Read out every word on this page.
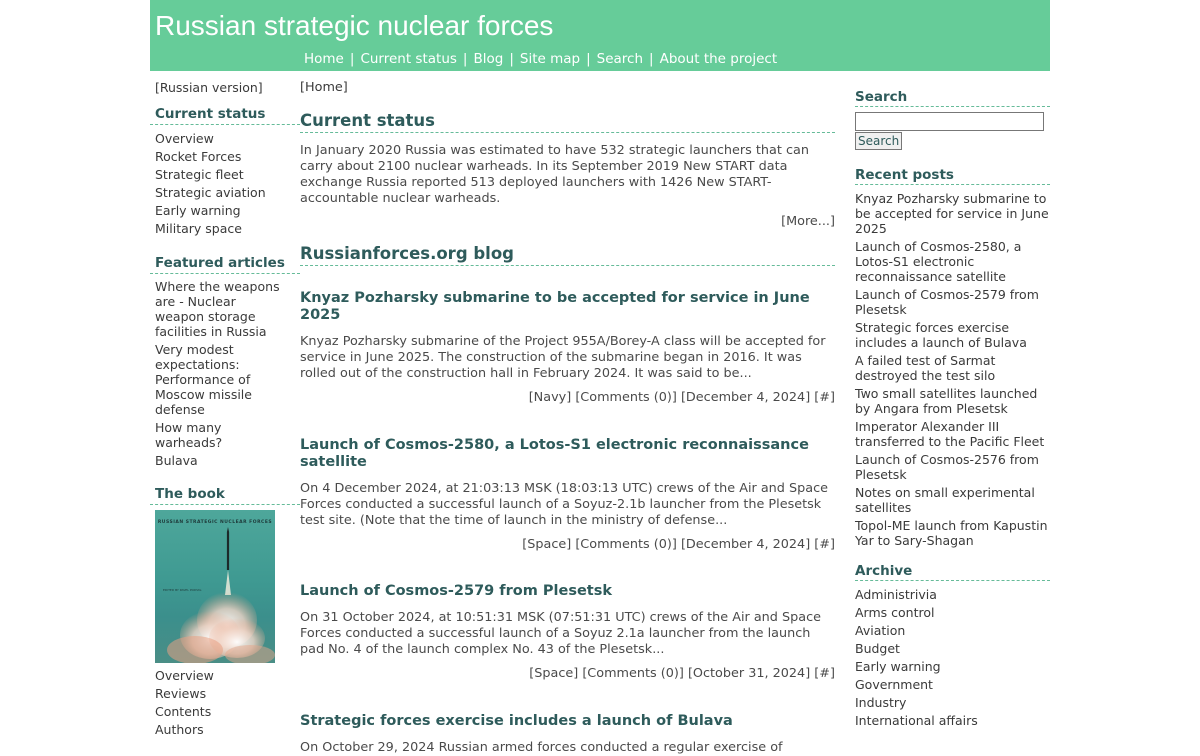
Russian strategic nuclear forces
Home | Current status | Blog | Site map | Search | About the project
[Russian version]
Current status
Overview
Rocket Forces
Strategic fleet
Strategic aviation
Early warning
Military space
Featured articles
Where the weapons are - Nuclear weapon storage facilities in Russia
Very modest expectations: Performance of Moscow missile defense
How many warheads?
Bulava
The book
RUSSIAN STRATEGIC NUCLEAR FORCES
EDITED BY PAVEL PODVIG
Overview
Reviews
Contents
Authors
[Home]
Current status

In January 2020 Russia was estimated to have 532 strategic launchers that can carry about 2100 nuclear warheads. In its September 2019 New START data exchange Russia reported 513 deployed launchers with 1426 New START-accountable nuclear warheads.

[More...]
Russianforces.org blog
Knyaz Pozharsky submarine to be accepted for service in June 2025

Knyaz Pozharsky submarine of the Project 955A/Borey-A class will be accepted for service in June 2025. The construction of the submarine began in 2016. It was rolled out of the construction hall in February 2024. It was said to be...

[Navy] [Comments (0)] [December 4, 2024] [#]
Launch of Cosmos-2580, a Lotos-S1 electronic reconnaissance satellite

On 4 December 2024, at 21:03:13 MSK (18:03:13 UTC) crews of the Air and Space Forces conducted a successful launch of a Soyuz-2.1b launcher from the Plesetsk test site. (Note that the time of launch in the ministry of defense...

[Space] [Comments (0)] [December 4, 2024] [#]
Launch of Cosmos-2579 from Plesetsk

On 31 October 2024, at 10:51:31 MSK (07:51:31 UTC) crews of the Air and Space Forces conducted a successful launch of a Soyuz 2.1a launcher from the launch pad No. 4 of the launch complex No. 43 of the Plesetsk...

[Space] [Comments (0)] [October 31, 2024] [#]
Strategic forces exercise includes a launch of Bulava

On October 29, 2024 Russian armed forces conducted a regular exercise of

Search
Search
Recent posts
Knyaz Pozharsky submarine to be accepted for service in June 2025
Launch of Cosmos-2580, a Lotos-S1 electronic reconnaissance satellite
Launch of Cosmos-2579 from Plesetsk
Strategic forces exercise includes a launch of Bulava
A failed test of Sarmat destroyed the test silo
Two small satellites launched by Angara from Plesetsk
Imperator Alexander III transferred to the Pacific Fleet
Launch of Cosmos-2576 from Plesetsk
Notes on small experimental satellites
Topol-ME launch from Kapustin Yar to Sary-Shagan
Archive
Administrivia
Arms control
Aviation
Budget
Early warning
Government
Industry
International affairs
